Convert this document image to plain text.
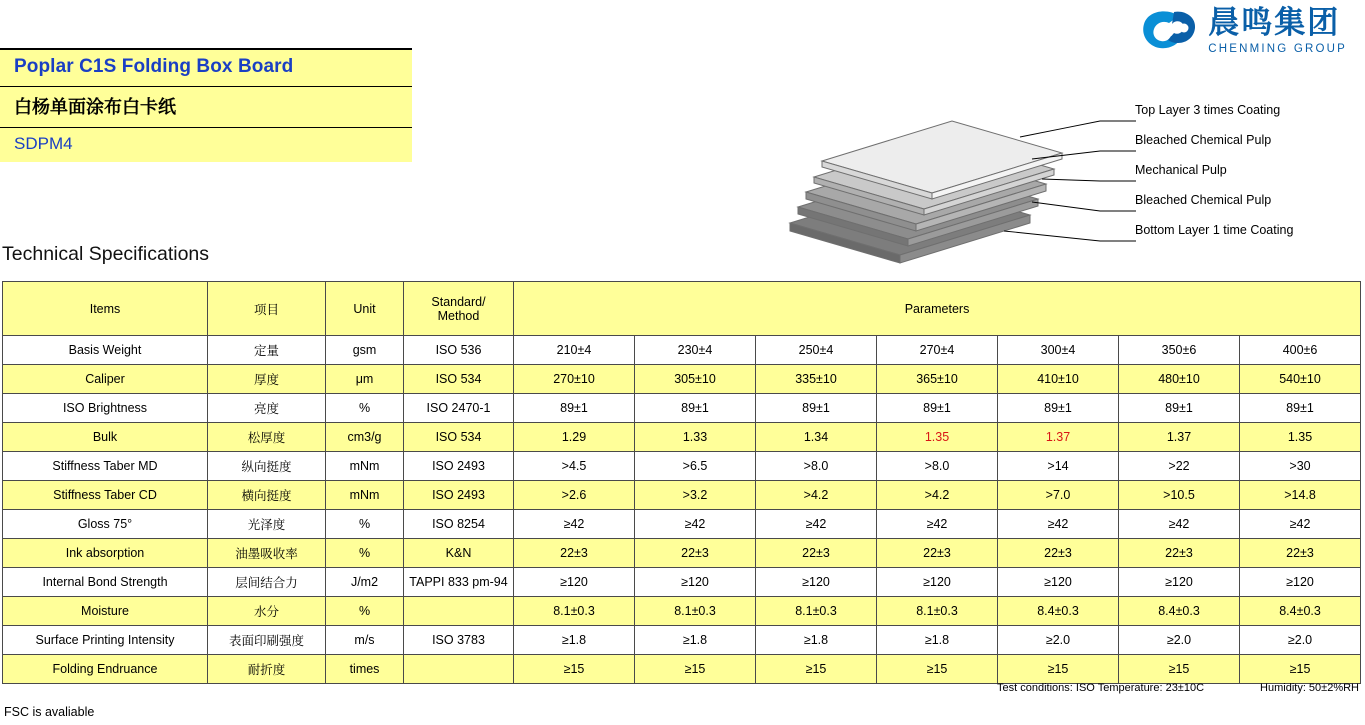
Poplar C1S Folding Box Board
白杨单面涂布白卡纸
SDPM4
晨鸣集团
CHENMING GROUP
Top Layer 3 times Coating
Bleached Chemical Pulp
Mechanical Pulp
Bleached Chemical Pulp
Bottom Layer 1 time Coating
Technical Specifications
Items	项目	Unit	Standard/
Method	Parameters						
Basis Weight	定量	gsm	ISO 536	210±4	230±4	250±4	270±4	300±4	350±6	400±6
Caliper	厚度	μm	ISO 534	270±10	305±10	335±10	365±10	410±10	480±10	540±10
ISO Brightness	亮度	%	ISO 2470-1	89±1	89±1	89±1	89±1	89±1	89±1	89±1
Bulk	松厚度	cm3/g	ISO 534	1.29	1.33	1.34	1.35	1.37	1.37	1.35
Stiffness Taber MD	纵向挺度	mNm	ISO 2493	>4.5	>6.5	>8.0	>8.0	>14	>22	>30
Stiffness Taber CD	横向挺度	mNm	ISO 2493	>2.6	>3.2	>4.2	>4.2	>7.0	>10.5	>14.8
Gloss 75°	光泽度	%	ISO 8254	≥42	≥42	≥42	≥42	≥42	≥42	≥42
Ink absorption	油墨吸收率	%	K&N	22±3	22±3	22±3	22±3	22±3	22±3	22±3
Internal Bond Strength	层间结合力	J/m2	TAPPI 833 pm-94	≥120	≥120	≥120	≥120	≥120	≥120	≥120
Moisture	水分	%		8.1±0.3	8.1±0.3	8.1±0.3	8.1±0.3	8.4±0.3	8.4±0.3	8.4±0.3
Surface Printing Intensity	表面印刷强度	m/s	ISO 3783	≥1.8	≥1.8	≥1.8	≥1.8	≥2.0	≥2.0	≥2.0
Folding Endruance	耐折度	times		≥15	≥15	≥15	≥15	≥15	≥15	≥15
Test conditions: ISO Temperature: 23±10C	Humidity: 50±2%RH
FSC is avaliable
